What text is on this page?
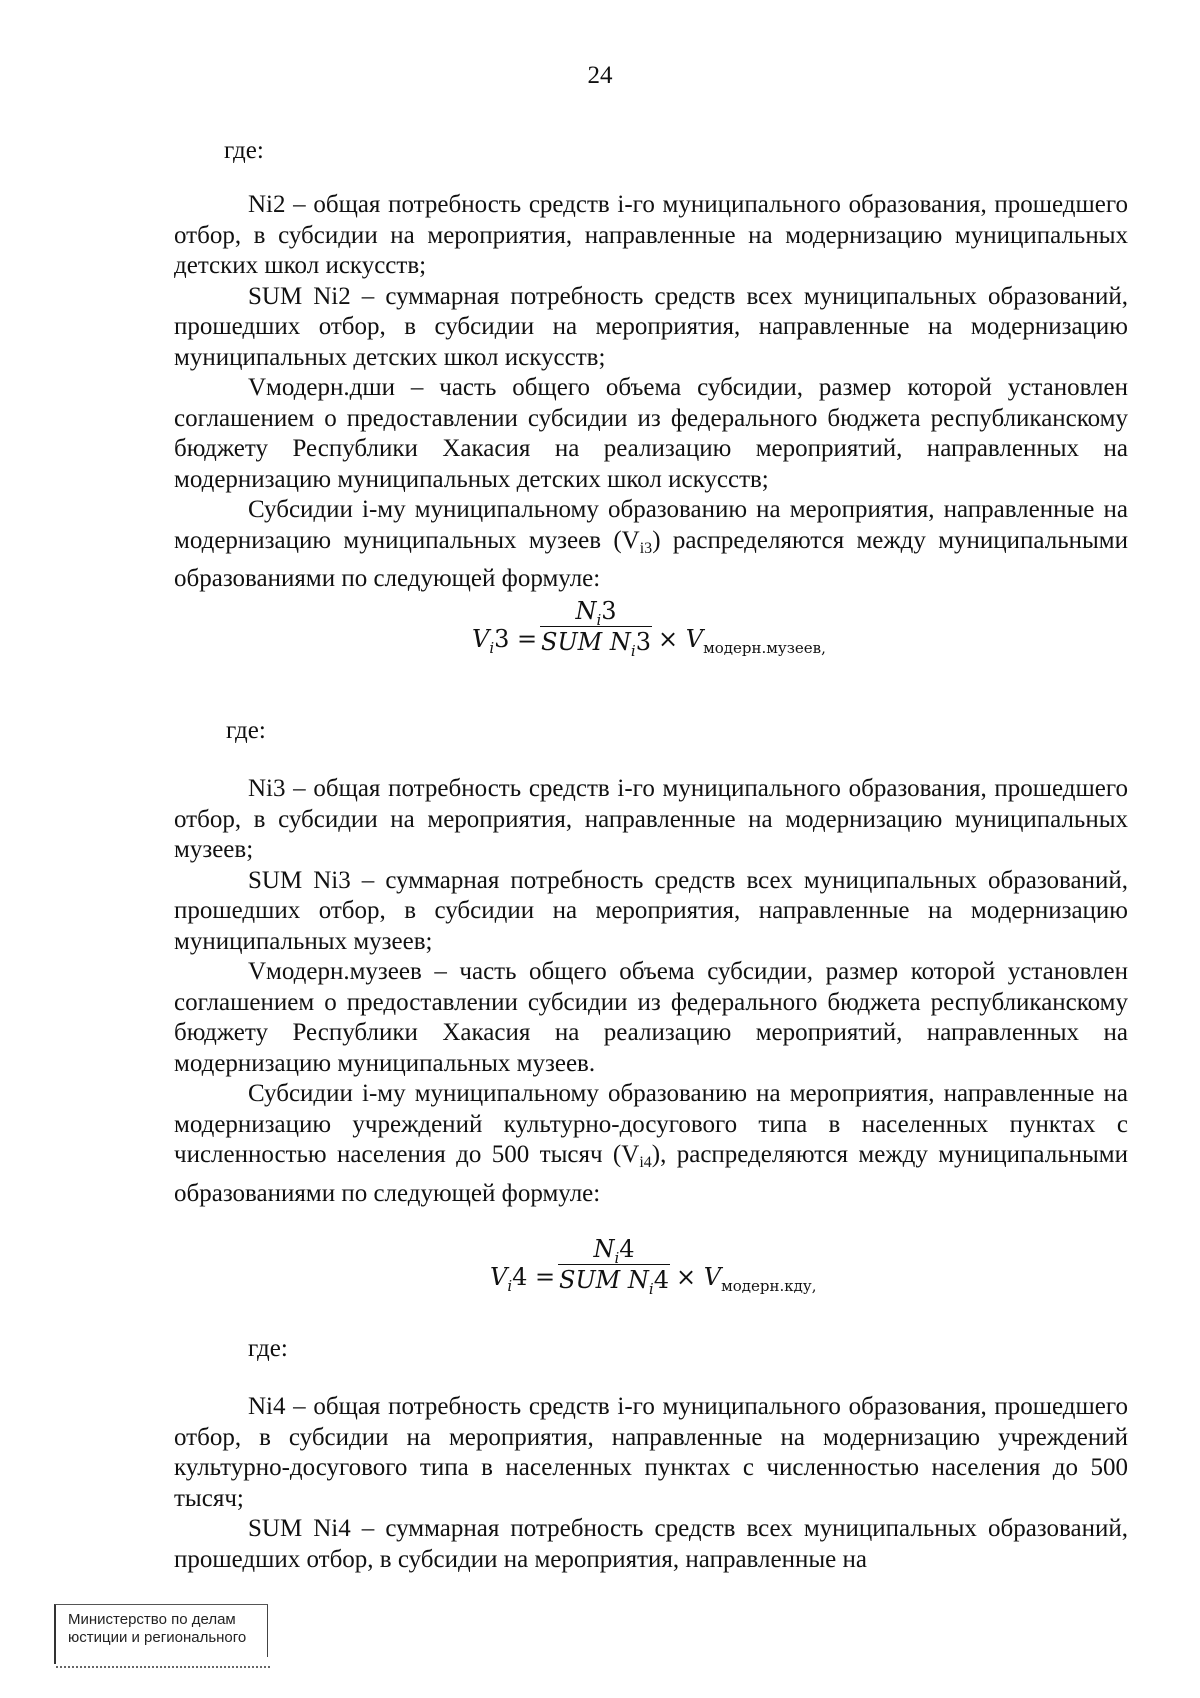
24

где:

Ni2 – общая потребность средств i-го муниципального образования, прошедшего отбор, в субсидии на мероприятия, направленные на модернизацию муниципальных детских школ искусств;

SUM Ni2 – суммарная потребность средств всех муниципальных образований, прошедших отбор, в субсидии на мероприятия, направленные на модернизацию муниципальных детских школ искусств;

Vмодерн.дши – часть общего объема субсидии, размер которой установлен соглашением о предоставлении субсидии из федерального бюджета республиканскому бюджету Республики Хакасия на реализацию мероприятий, направленных на модернизацию муниципальных детских школ искусств;

Субсидии i-му муниципальному образованию на мероприятия, направленные на модернизацию муниципальных музеев $(V_{i3})$ распределяются между муниципальными образованиями по следующей формуле:

$V_i3$ =
$N_i3$
SUM $N_i3 \times V_{модерн.музеев,}$

где:

Ni3 – общая потребность средств i-го муниципального образования, прошедшего отбор, в субсидии на мероприятия, направленные на модернизацию муниципальных музеев;

SUM Ni3 – суммарная потребность средств всех муниципальных образований, прошедших отбор, в субсидии на мероприятия, направленные на модернизацию муниципальных музеев;

Vмодерн.музеев – часть общего объема субсидии, размер которой установлен соглашением о предоставлении субсидии из федерального бюджета республиканскому бюджету Республики Хакасия на реализацию мероприятий, направленных на модернизацию муниципальных музеев.

Субсидии i-му муниципальному образованию на мероприятия, направленные на модернизацию учреждений культурно-досугового типа в населенных пунктах с численностью населения до 500 тысяч $(V_{i4})$, распределяются между муниципальными образованиями по следующей формуле:

$V_i4$ =
$N_i4$
SUM $N_i4 \times V_{модерн.кду,}$

где:

Ni4 – общая потребность средств i-го муниципального образования, прошедшего отбор, в субсидии на мероприятия, направленные на модернизацию учреждений культурно-досугового типа в населенных пунктах с численностью населения до 500 тысяч;

SUM Ni4 – суммарная потребность средств всех муниципальных образований, прошедших отбор, в субсидии на мероприятия, направленные на

Министерство по делам
юстиции и регионального
